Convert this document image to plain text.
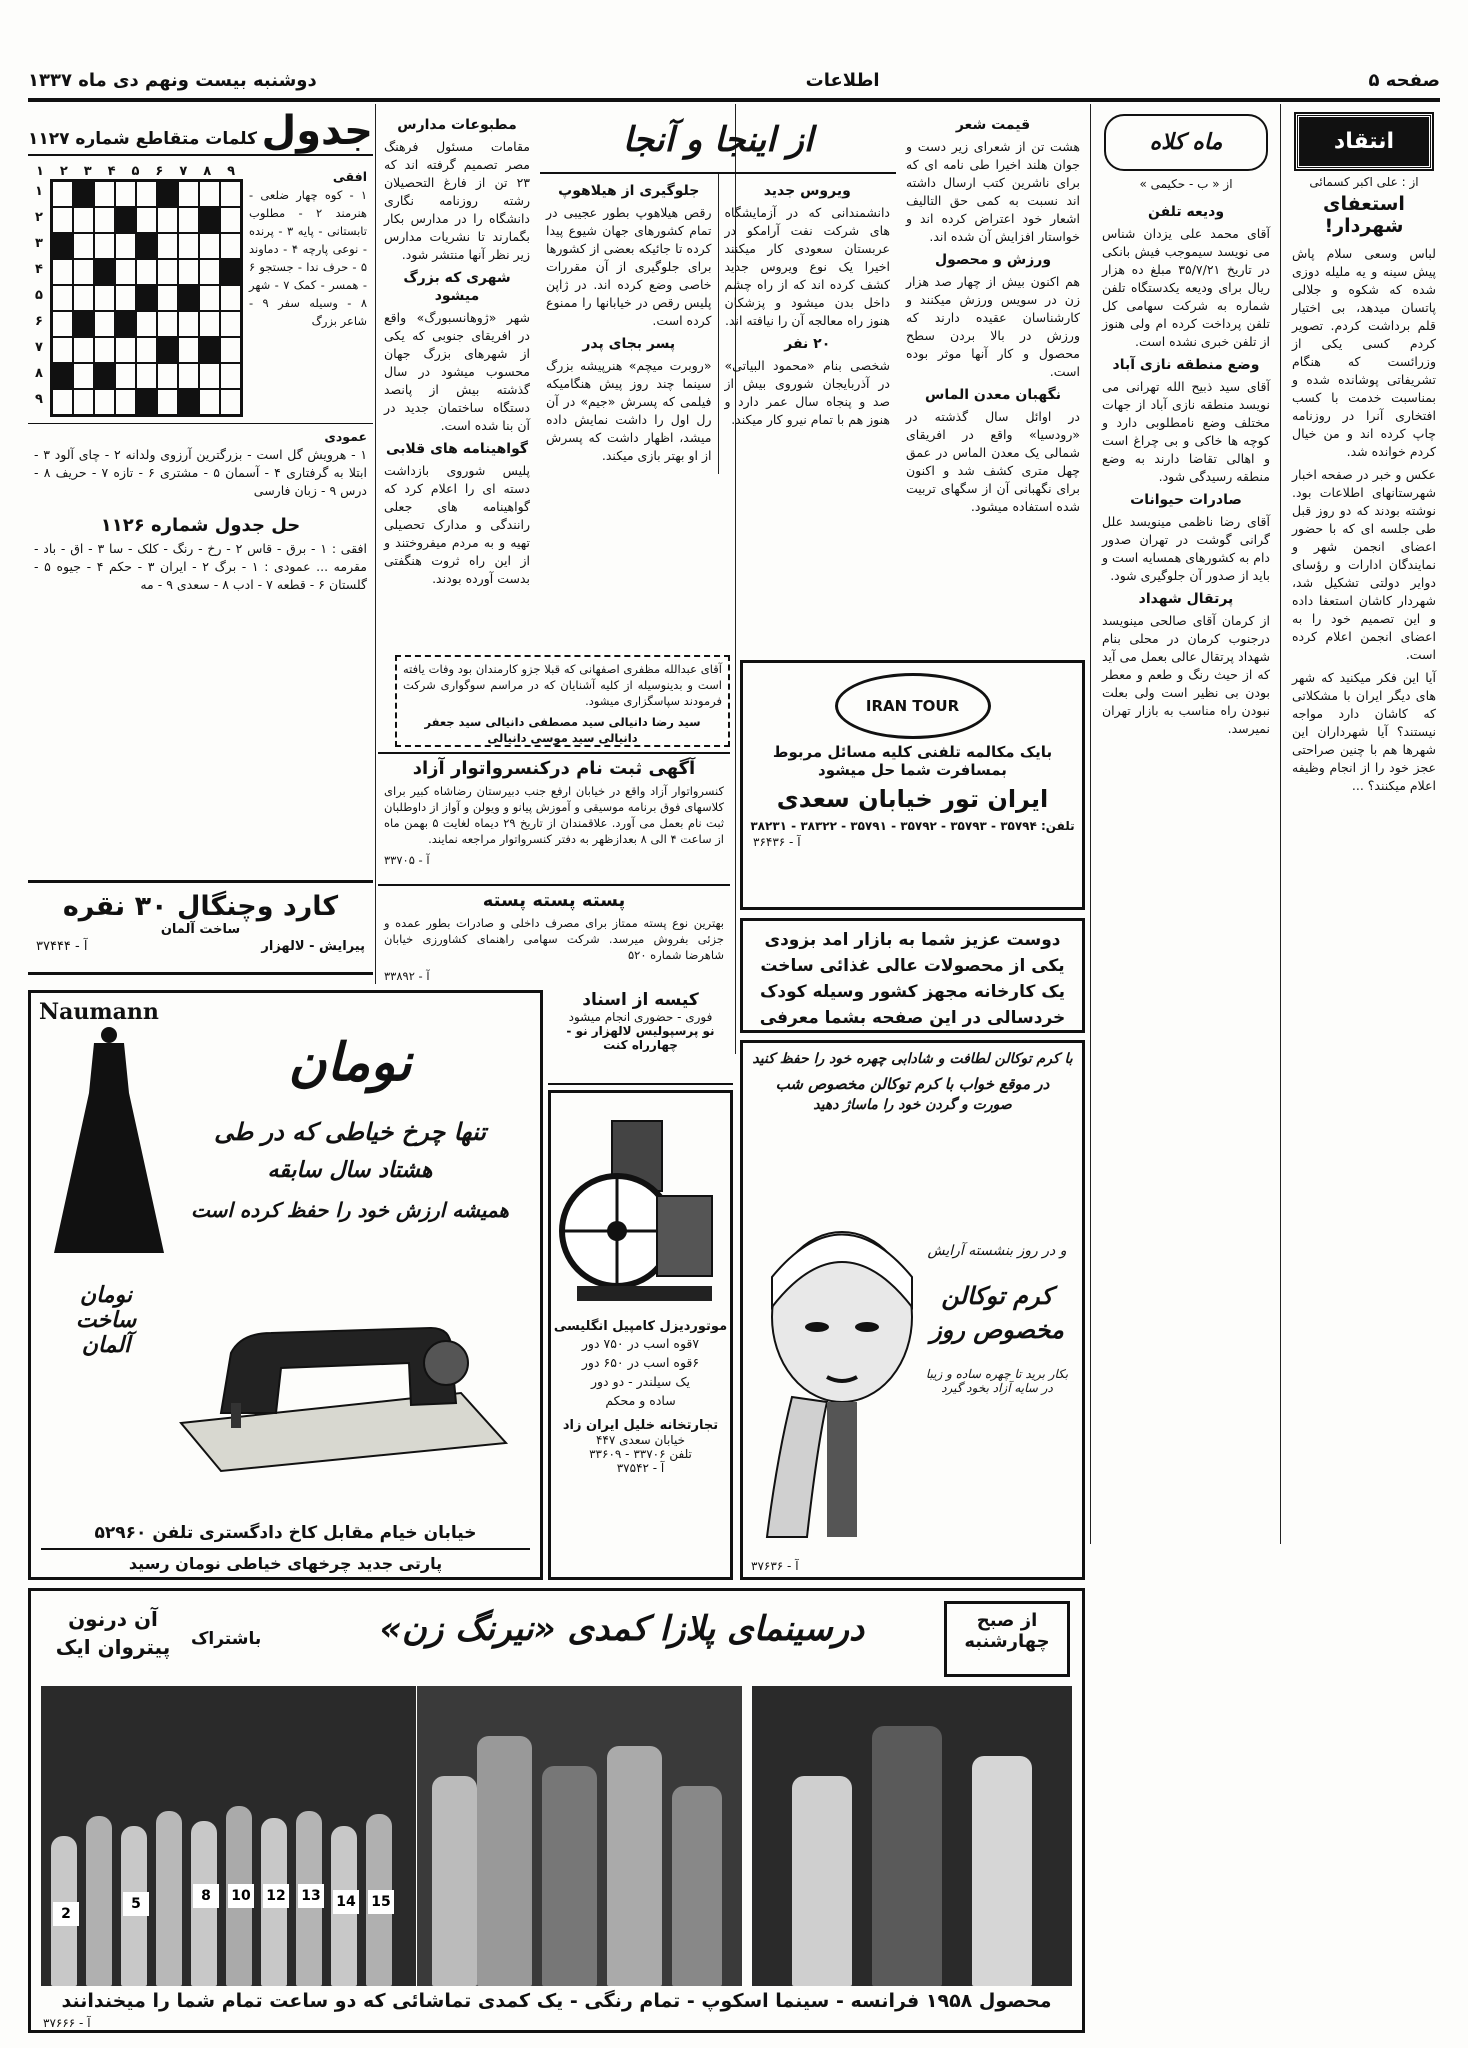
صفحه ۵
اطلاعات
دوشنبه بیست ونهم دی ماه ۱۳۳۷
انتقاد
از : علی اکبر کسمائی
استعفای شهردار!

لباس وسعی سلام پاش پیش سینه و یه ملیله دوزی شده که شکوه و جلالی پاتسان میدهد، بی اختیار قلم برداشت کردم. تصویر کردم کسی یکی از وزرائست که هنگام تشریفاتی پوشانده شده و بمناسبت خدمت با کسب افتخاری آنرا در روزنامه چاپ کرده اند و من خیال کردم خوانده شد.

عکس و خبر در صفحه اخبار شهرستانهای اطلاعات بود. نوشته بودند که دو روز قبل طی جلسه ای که با حضور اعضای انجمن شهر و نمایندگان ادارات و رؤسای دوایر دولتی تشکیل شد، شهردار کاشان استعفا داده و این تصمیم خود را به اعضای انجمن اعلام کرده است.

آیا این فکر میکنید که شهر های دیگر ایران با مشکلاتی که کاشان دارد مواجه نیستند؟ آیا شهرداران این شهرها هم با چنین صراحتی عجز خود را از انجام وظیفه اعلام میکنند؟ ...

ماه کلاه
از « ب - حکیمی »
ودیعه تلفن

آقای محمد علی یزدان شناس می نویسد سیموجب فیش بانکی در تاریخ ۳۵/۷/۲۱ مبلغ ده هزار ریال برای ودیعه یکدستگاه تلفن شماره به شرکت سهامی کل تلفن پرداخت کرده ام ولی هنوز از تلفن خبری نشده است.

وضع منطقه نازی آباد

آقای سید ذبیح الله تهرانی می نویسد منطقه نازی آباد از جهات مختلف وضع نامطلوبی دارد و کوچه ها خاکی و بی چراغ است و اهالی تقاضا دارند به وضع منطقه رسیدگی شود.

صادرات حیوانات

آقای رضا ناظمی مینویسد علل گرانی گوشت در تهران صدور دام به کشورهای همسایه است و باید از صدور آن جلوگیری شود.

پرتقال شهداد

از کرمان آقای صالحی مینویسد درجنوب کرمان در محلی بنام شهداد پرتقال عالی بعمل می آید که از حیث رنگ و طعم و معطر بودن بی نظیر است ولی بعلت نبودن راه مناسب به بازار تهران نمیرسد.

قیمت شعر

هشت تن از شعرای زیر دست و جوان هلند اخیرا طی نامه ای که برای ناشرین کتب ارسال داشته اند نسبت به کمی حق التالیف اشعار خود اعتراض کرده اند و خواستار افزایش آن شده اند.

ورزش و محصول

هم اکنون بیش از چهار صد هزار زن در سویس ورزش میکنند و کارشناسان عقیده دارند که ورزش در بالا بردن سطح محصول و کار آنها موثر بوده است.

نگهبان معدن الماس

در اوائل سال گذشته در «رودسیا» واقع در افریقای شمالی یک معدن الماس در عمق چهل متری کشف شد و اکنون برای نگهبانی آن از سگهای تربیت شده استفاده میشود.

از اینجا و آنجا
ویروس جدید

دانشمندانی که در آزمایشگاه های شرکت نفت آرامکو در عربستان سعودی کار میکنند اخیرا یک نوع ویروس جدید کشف کرده اند که از راه چشم داخل بدن میشود و پزشکان هنوز راه معالجه آن را نیافته اند.

۲۰ نفر

شخصی بنام «محمود البیاتی» در آذربایجان شوروی بیش از صد و پنجاه سال عمر دارد و هنوز هم با تمام نیرو کار میکند.

جلوگیری از هیلاهوپ

رقص هیلاهوپ بطور عجیبی در تمام کشورهای جهان شیوع پیدا کرده تا جائیکه بعضی از کشورها برای جلوگیری از آن مقررات خاصی وضع کرده اند. در ژاپن پلیس رقص در خیابانها را ممنوع کرده است.

پسر بجای پدر

«روبرت میچم» هنرپیشه بزرگ سینما چند روز پیش هنگامیکه فیلمی که پسرش «جیم» در آن رل اول را داشت نمایش داده میشد، اظهار داشت که پسرش از او بهتر بازی میکند.

مطبوعات مدارس

مقامات مسئول فرهنگ مصر تصمیم گرفته اند که ۲۳ تن از فارغ التحصیلان رشته روزنامه نگاری دانشگاه را در مدارس بکار بگمارند تا نشریات مدارس زیر نظر آنها منتشر شود.

شهری که بزرگ میشود

شهر «ژوهانسبورگ» واقع در افریقای جنوبی که یکی از شهرهای بزرگ جهان محسوب میشود در سال گذشته بیش از پانصد دستگاه ساختمان جدید در آن بنا شده است.

گواهینامه های قلابی

پلیس شوروی بازداشت دسته ای را اعلام کرد که گواهینامه های جعلی رانندگی و مدارک تحصیلی تهیه و به مردم میفروختند و از این راه ثروت هنگفتی بدست آورده بودند.

آقای عبدالله مظفری اصفهانی که قبلا جزو کارمندان بود وفات یافته است و بدینوسیله از کلیه آشنایان که در مراسم سوگواری شرکت فرمودند سپاسگزاری میشود.

سید رضا دانیالی سید مصطفی دانیالی سید جعفر دانیالی سید موسی دانیالی

آگهی ثبت نام درکنسرواتوار آزاد

کنسرواتوار آزاد واقع در خیابان ارفع جنب دبیرستان رضاشاه کبیر برای کلاسهای فوق برنامه موسیقی و آموزش پیانو و ویولن و آواز از داوطلبان ثبت نام بعمل می آورد. علاقمندان از تاریخ ۲۹ دیماه لغایت ۵ بهمن ماه از ساعت ۴ الی ۸ بعدازظهر به دفتر کنسرواتوار مراجعه نمایند.

آ - ۳۳۷۰۵

پسته پسته پسته

بهترین نوع پسته ممتاز برای مصرف داخلی و صادرات بطور عمده و جزئی بفروش میرسد. شرکت سهامی راهنمای کشاورزی خیابان شاهرضا شماره ۵۲۰

آ - ۳۳۸۹۲

IRAN TOUR
بایک مکالمه تلفنی کلیه مسائل مربوط بمسافرت شما حل میشود
ایران تور خیابان سعدی
تلفن: ۳۵۷۹۴ - ۳۵۷۹۳ - ۳۵۷۹۲ - ۳۵۷۹۱ - ۳۸۳۲۲ - ۳۸۲۳۱
آ - ۳۶۴۳۶
دوست عزیز شما به بازار امد بزودی یکی از محصولات عالی غذائی ساخت یک کارخانه مجهز کشور وسیله کودک خردسالی در این صفحه بشما معرفی
جدول
کلمات متقاطع شماره ۱۱۲۷
افقی

۱ - کوه چهار ضلعی - هنرمند ۲ - مطلوب تابستانی - پایه ۳ - پرنده - نوعی پارچه ۴ - دماوند ۵ - حرف ندا - جستجو ۶ - همسر - کمک ۷ - شهر ۸ - وسیله سفر ۹ - شاعر بزرگ

۹
۸
۷
۶
۵
۴
۳
۲
۱
۱
۲
۳
۴
۵
۶
۷
۸
۹
عمودی

۱ - هرویش گل است - بزرگترین آرزوی ولدانه ۲ - چای آلود ۳ - ابتلا به گرفتاری ۴ - آسمان ۵ - مشتری ۶ - تازه ۷ - حریف ۸ - درس ۹ - زبان فارسی

حل جدول شماره ۱۱۲۶
افقی : ۱ - برق - قاس ۲ - رخ - رنگ - کلک - سا ۳ - اق - باد - مقرمه ... عمودی : ۱ - برگ ۲ - ایران ۳ - حکم ۴ - جیوه ۵ - گلستان ۶ - قطعه ۷ - ادب ۸ - سعدی ۹ - مه
کارد وچنگال ۳۰ نقره
ساخت آلمان
پیرایش - لالهزار
آ - ۳۷۴۴۴
Naumann
نومان
تنها چرخ خیاطی که در طی
هشتاد سال سابقه
همیشه ارزش خود را حفظ کرده است
نومان ساخت آلمان
خیابان خیام مقابل کاخ دادگستری تلفن ۵۲۹۶۰
پارتی جدید چرخهای خیاطی نومان رسید
کیسه از اسناد
فوری - حضوری انجام میشود
نو پرسپولیس لالهزار نو - چهارراه کنت
موتوردیزل کامپیل انگلیسی
۷قوه اسب در ۷۵۰ دور
۶قوه اسب در ۶۵۰ دور
یک سیلندر - دو دور
ساده و محکم
تجارتخانه خلیل ایران زاد
خیابان سعدی ۴۴۷
تلفن ۳۳۷۰۶ - ۳۳۶۰۹
آ - ۳۷۵۴۲
با کرم توکالن لطافت و شادابی چهره خود را حفظ کنید
در موقع خواب با کرم توکالن مخصوص شب
صورت و گردن خود را ماساژ دهید
و در روز بنشسته آرایش
کرم توکالن مخصوص روز
بکار برید تا چهره ساده و زیبا در سایه آزاد بخود گیرد
آ - ۳۷۶۳۶
از صبح
چهارشنبه
درسینمای پلازا کمدی «نیرنگ زن»
باشتراک
آن درنون پیتروان ایک
2
5	8	10 12 13 14 15
محصول ۱۹۵۸ فرانسه - سینما اسکوپ - تمام رنگی - یک کمدی تماشائی که دو ساعت تمام شما را میخندانند
آ - ۳۷۶۶۶
